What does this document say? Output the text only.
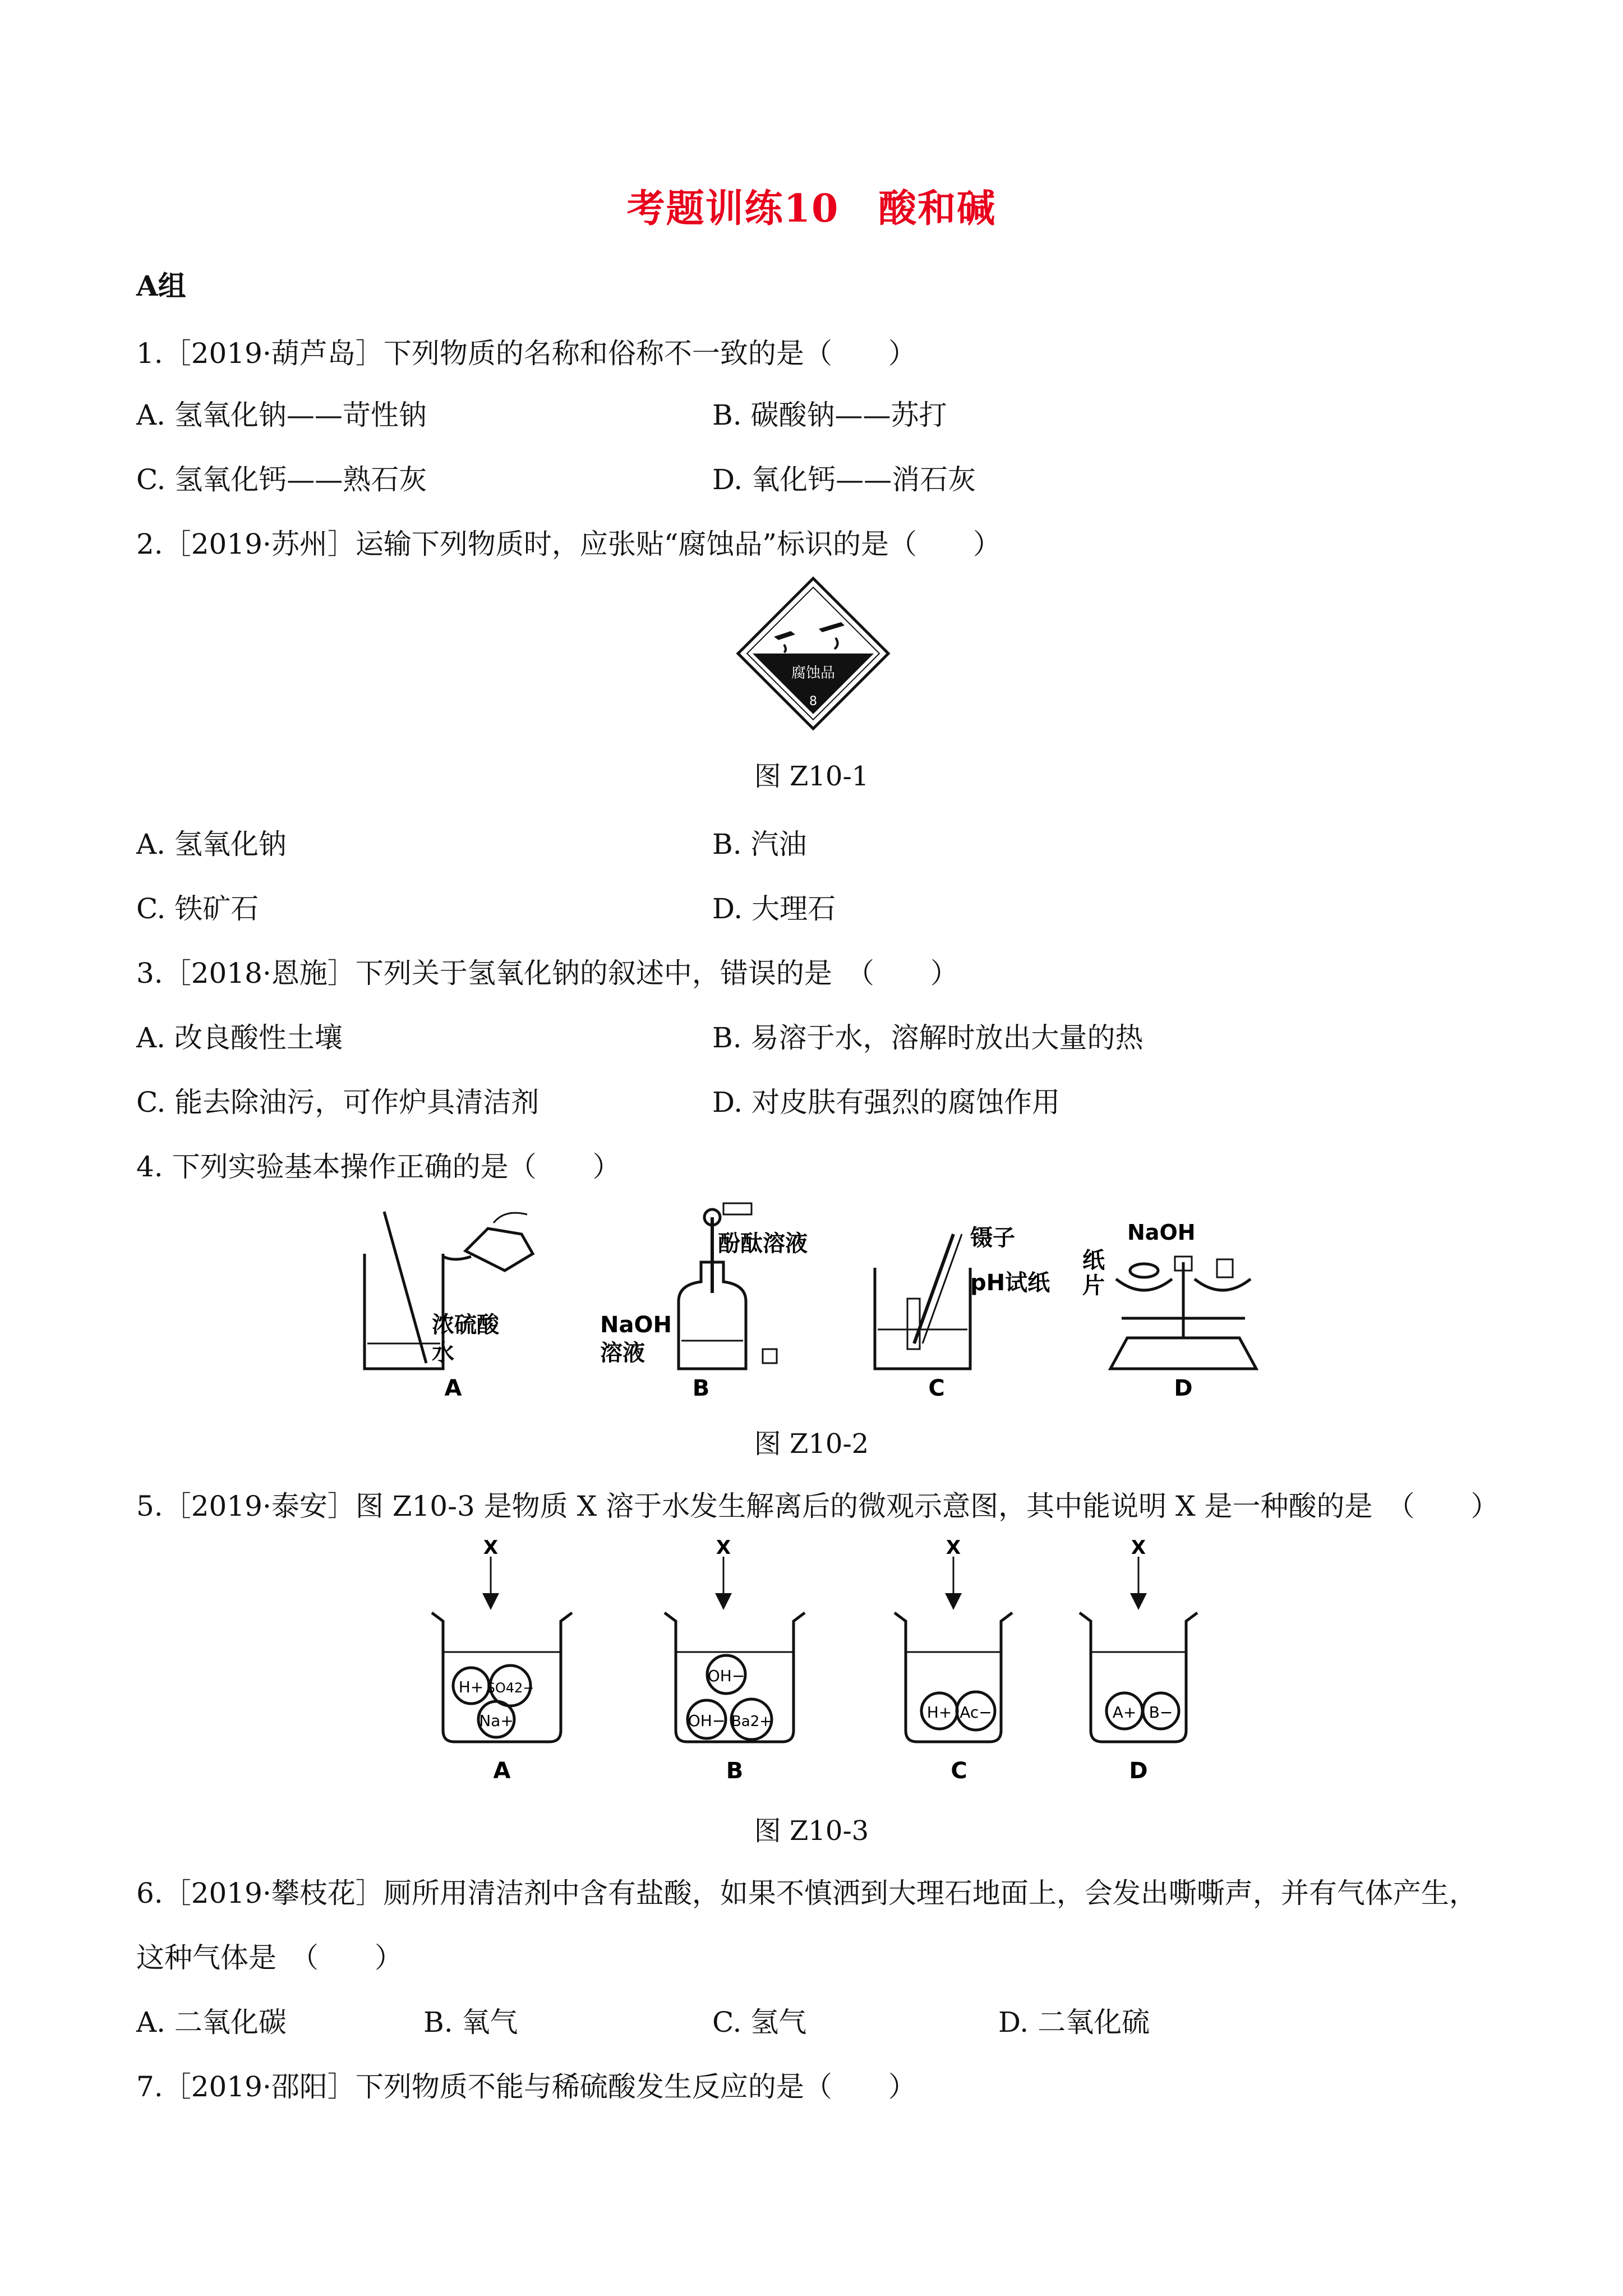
考题训练10　酸和碱
A组
1.［2019·葫芦岛］下列物质的名称和俗称不一致的是（　　）
A. 氢氧化钠——苛性钠	B. 碳酸钠——苏打
C. 氢氧化钙——熟石灰	D. 氧化钙——消石灰
2.［2019·苏州］运输下列物质时，应张贴“腐蚀品”标识的是（　　）
腐蚀品
8
图 Z10-1
A. 氢氧化钠	B. 汽油
C. 铁矿石	D. 大理石
3.［2018·恩施］下列关于氢氧化钠的叙述中，错误的是　（　　）
A. 改良酸性土壤	B. 易溶于水，溶解时放出大量的热
C. 能去除油污，可作炉具清洁剂	D. 对皮肤有强烈的腐蚀作用
4. 下列实验基本操作正确的是（　　）
浓硫酸
水
酚酞溶液
NaOH
溶液
镊子
pH试纸
NaOH
纸
片
A	B	C	D
图 Z10-2
5.［2019·泰安］图 Z10-3 是物质 X 溶于水发生解离后的微观示意图，其中能说明 X 是一种酸的是　（　　）
X	X	X	X
H+ SO42−
Na+
OH−
OH− Ba2+	H+ Ac−	A+ B−
A	B	C	D
图 Z10-3
6.［2019·攀枝花］厕所用清洁剂中含有盐酸，如果不慎洒到大理石地面上，会发出嘶嘶声，并有气体产生，
这种气体是　（　　）
A. 二氧化碳	B. 氧气	C. 氢气	D. 二氧化硫
7.［2019·邵阳］下列物质不能与稀硫酸发生反应的是（　　）
